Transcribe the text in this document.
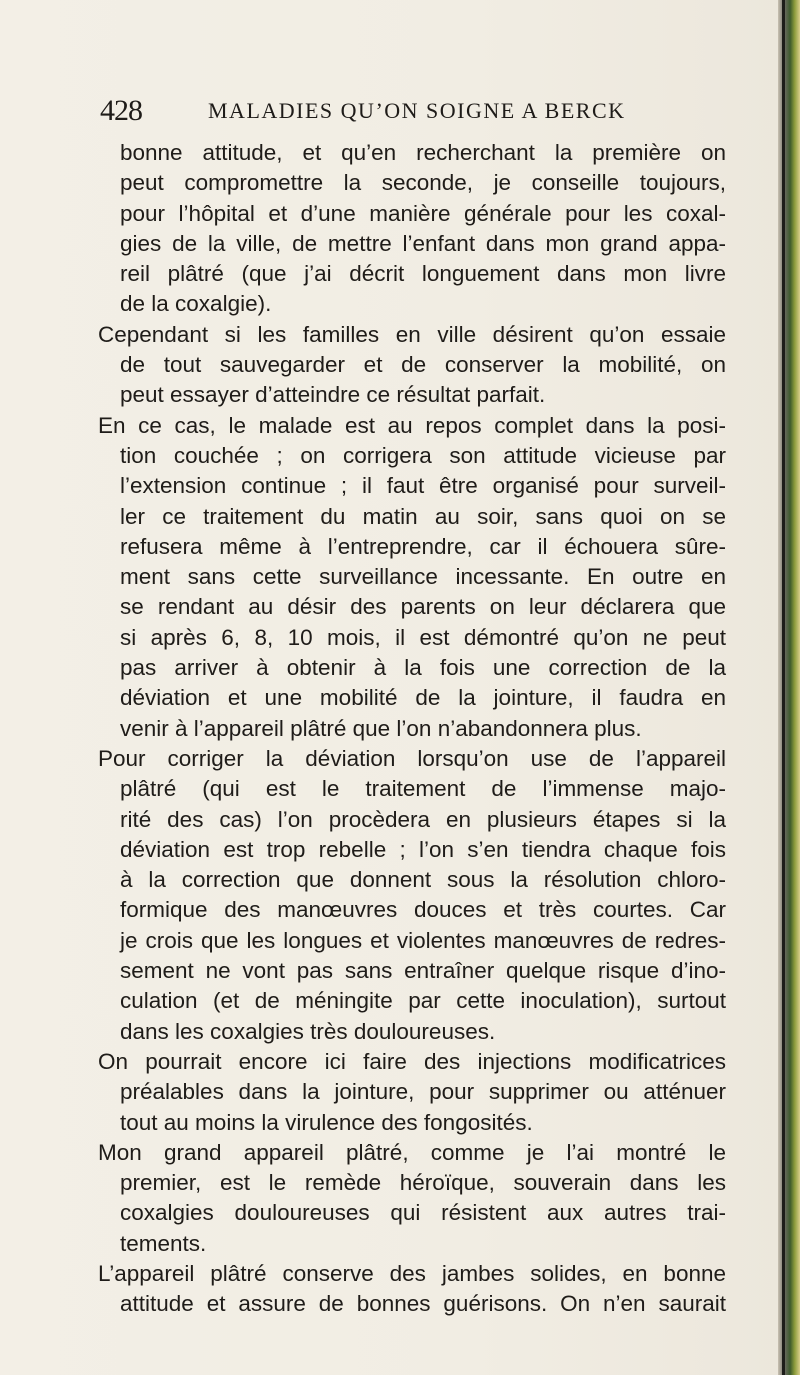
428	MALADIES QU’ON SOIGNE A BERCK
bonne attitude, et qu’en recherchant la première on
peut compromettre la seconde, je conseille toujours,
pour l’hôpital et d’une manière générale pour les coxal-
gies de la ville, de mettre l’enfant dans mon grand appa-
reil plâtré (que j’ai décrit longuement dans mon livre
de la coxalgie).
Cependant si les familles en ville désirent qu’on essaie
de tout sauvegarder et de conserver la mobilité, on
peut essayer d’atteindre ce résultat parfait.
En ce cas, le malade est au repos complet dans la posi-
tion couchée ; on corrigera son attitude vicieuse par
l’extension continue ; il faut être organisé pour surveil-
ler ce traitement du matin au soir, sans quoi on se
refusera même à l’entreprendre, car il échouera sûre-
ment sans cette surveillance incessante. En outre en
se rendant au désir des parents on leur déclarera que
si après 6, 8, 10 mois, il est démontré qu’on ne peut
pas arriver à obtenir à la fois une correction de la
déviation et une mobilité de la jointure, il faudra en
venir à l’appareil plâtré que l’on n’abandonnera plus.
Pour corriger la déviation lorsqu’on use de l’appareil
plâtré (qui est le traitement de l’immense majo-
rité des cas) l’on procèdera en plusieurs étapes si la
déviation est trop rebelle ; l’on s’en tiendra chaque fois
à la correction que donnent sous la résolution chloro-
formique des manœuvres douces et très courtes. Car
je crois que les longues et violentes manœuvres de redres-
sement ne vont pas sans entraîner quelque risque d’ino-
culation (et de méningite par cette inoculation), surtout
dans les coxalgies très douloureuses.
On pourrait encore ici faire des injections modificatrices
préalables dans la jointure, pour supprimer ou atténuer
tout au moins la virulence des fongosités.
Mon grand appareil plâtré, comme je l’ai montré le
premier, est le remède héroïque, souverain dans les
coxalgies douloureuses qui résistent aux autres trai-
tements.
L’appareil plâtré conserve des jambes solides, en bonne
attitude et assure de bonnes guérisons. On n’en saurait
